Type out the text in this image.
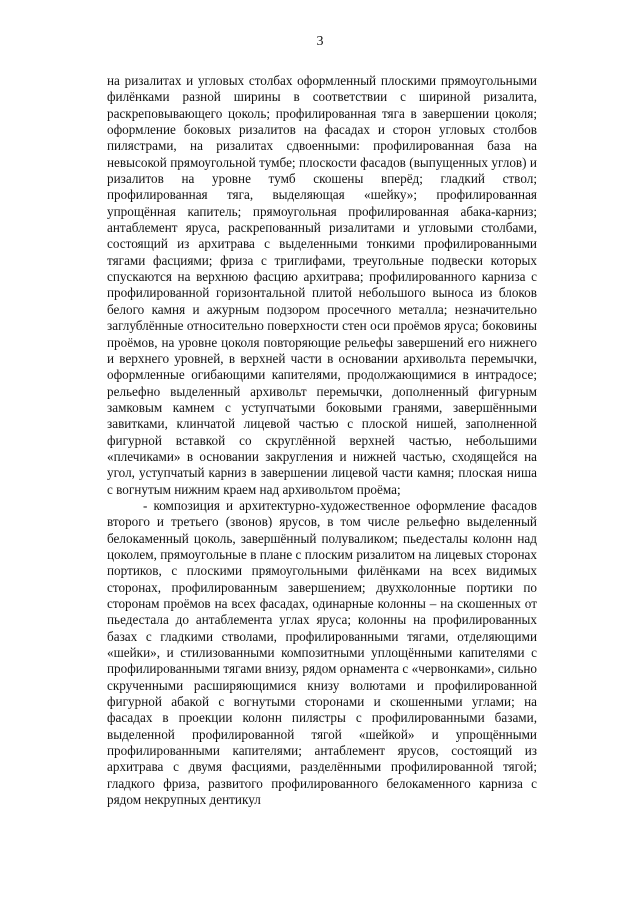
3

на ризалитах и угловых столбах оформленный плоскими прямоугольными филёнками разной ширины в соответствии с шириной ризалита, раскреповывающего цоколь; профилированная тяга в завершении цоколя; оформление боковых ризалитов на фасадах и сторон угловых столбов пилястрами, на ризалитах сдвоенными: профилированная база на невысокой прямоугольной тумбе; плоскости фасадов (выпущенных углов) и ризалитов на уровне тумб скошены вперёд; гладкий ствол; профилированная тяга, выделяющая «шейку»; профилированная упрощённая капитель; прямоугольная профилированная абака-карниз; антаблемент яруса, раскрепованный ризалитами и угловыми столбами, состоящий из архитрава с выделенными тонкими профилированными тягами фасциями; фриза с триглифами, треугольные подвески которых спускаются на верхнюю фасцию архитрава; профилированного карниза с профилированной горизонтальной плитой небольшого выноса из блоков белого камня и ажурным подзором просечного металла; незначительно заглублённые относительно поверхности стен оси проёмов яруса; боковины проёмов, на уровне цоколя повторяющие рельефы завершений его нижнего и верхнего уровней, в верхней части в основании архивольта перемычки, оформленные огибающими капителями, продолжающимися в интрадосе; рельефно выделенный архивольт перемычки, дополненный фигурным замковым камнем с уступчатыми боковыми гранями, завершёнными завитками, клинчатой лицевой частью с плоской нишей, заполненной фигурной вставкой со скруглённой верхней частью, небольшими «плечиками» в основании закругления и нижней частью, сходящейся на угол, уступчатый карниз в завершении лицевой части камня; плоская ниша с вогнутым нижним краем над архивольтом проёма;

- композиция и архитектурно-художественное оформление фасадов второго и третьего (звонов) ярусов, в том числе рельефно выделенный белокаменный цоколь, завершённый полуваликом; пьедесталы колонн над цоколем, прямоугольные в плане с плоским ризалитом на лицевых сторонах портиков, с плоскими прямоугольными филёнками на всех видимых сторонах, профилированным завершением; двухколонные портики по сторонам проёмов на всех фасадах, одинарные колонны – на скошенных от пьедестала до антаблемента углах яруса; колонны на профилированных базах с гладкими стволами, профилированными тягами, отделяющими «шейки», и стилизованными композитными уплощёнными капителями с профилированными тягами внизу, рядом орнамента с «червонками», сильно скрученными расширяющимися книзу волютами и профилированной фигурной абакой с вогнутыми сторонами и скошенными углами; на фасадах в проекции колонн пилястры с профилированными базами, выделенной профилированной тягой «шейкой» и упрощёнными профилированными капителями; антаблемент ярусов, состоящий из архитрава с двумя фасциями, разделёнными профилированной тягой; гладкого фриза, развитого профилированного белокаменного карниза с рядом некрупных дентикул
